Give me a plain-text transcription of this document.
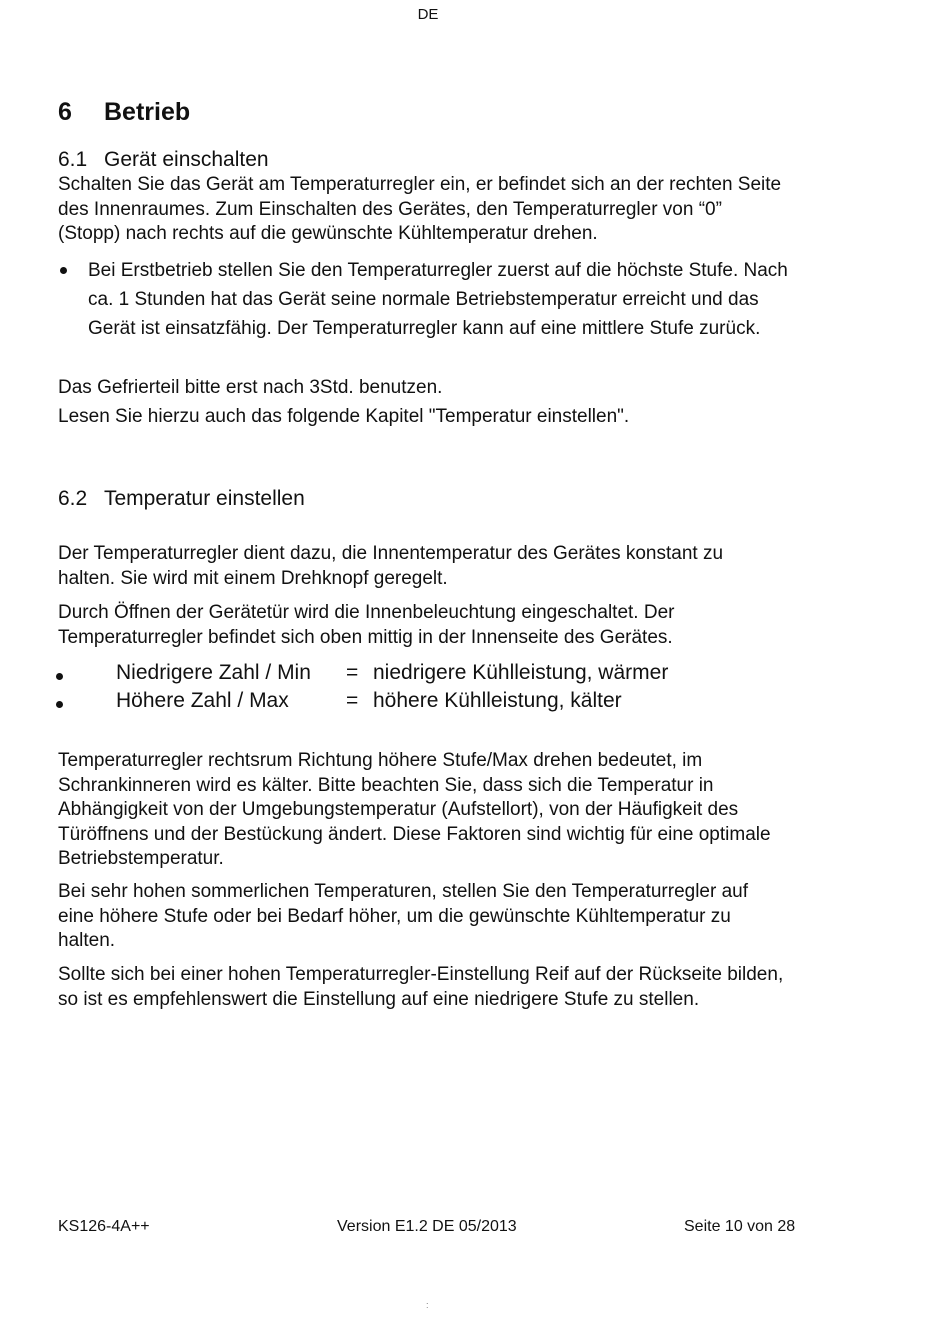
DE
6 Betrieb
6.1 Gerät einschalten
Schalten Sie das Gerät am Temperaturregler ein, er befindet sich an der rechten Seite
des Innenraumes. Zum Einschalten des Gerätes, den Temperaturregler von “0”
(Stopp) nach rechts auf die gewünschte Kühltemperatur drehen.
Bei Erstbetrieb stellen Sie den Temperaturregler zuerst auf die höchste Stufe. Nach
ca. 1 Stunden hat das Gerät seine normale Betriebstemperatur erreicht und das
Gerät ist einsatzfähig. Der Temperaturregler kann auf eine mittlere Stufe zurück.
Das Gefrierteil bitte erst nach 3Std. benutzen.
Lesen Sie hierzu auch das folgende Kapitel "Temperatur einstellen".
6.2 Temperatur einstellen
Der Temperaturregler dient dazu, die Innentemperatur des Gerätes konstant zu
halten. Sie wird mit einem Drehknopf geregelt.
Durch Öffnen der Gerätetür wird die Innenbeleuchtung eingeschaltet. Der
Temperaturregler befindet sich oben mittig in der Innenseite des Gerätes.
Niedrigere Zahl / Min = niedrigere Kühlleistung, wärmer
Höhere Zahl / Max	= höhere Kühlleistung, kälter
Temperaturregler rechtsrum Richtung höhere Stufe/Max drehen bedeutet, im
Schrankinneren wird es kälter. Bitte beachten Sie, dass sich die Temperatur in
Abhängigkeit von der Umgebungstemperatur (Aufstellort), von der Häufigkeit des
Türöffnens und der Bestückung ändert. Diese Faktoren sind wichtig für eine optimale
Betriebstemperatur.
Bei sehr hohen sommerlichen Temperaturen, stellen Sie den Temperaturregler auf
eine höhere Stufe oder bei Bedarf höher, um die gewünschte Kühltemperatur zu
halten.
Sollte sich bei einer hohen Temperaturregler-Einstellung Reif auf der Rückseite bilden,
so ist es empfehlenswert die Einstellung auf eine niedrigere Stufe zu stellen.
KS126-4A++	Version E1.2 DE 05/2013	Seite 10 von 28
:
